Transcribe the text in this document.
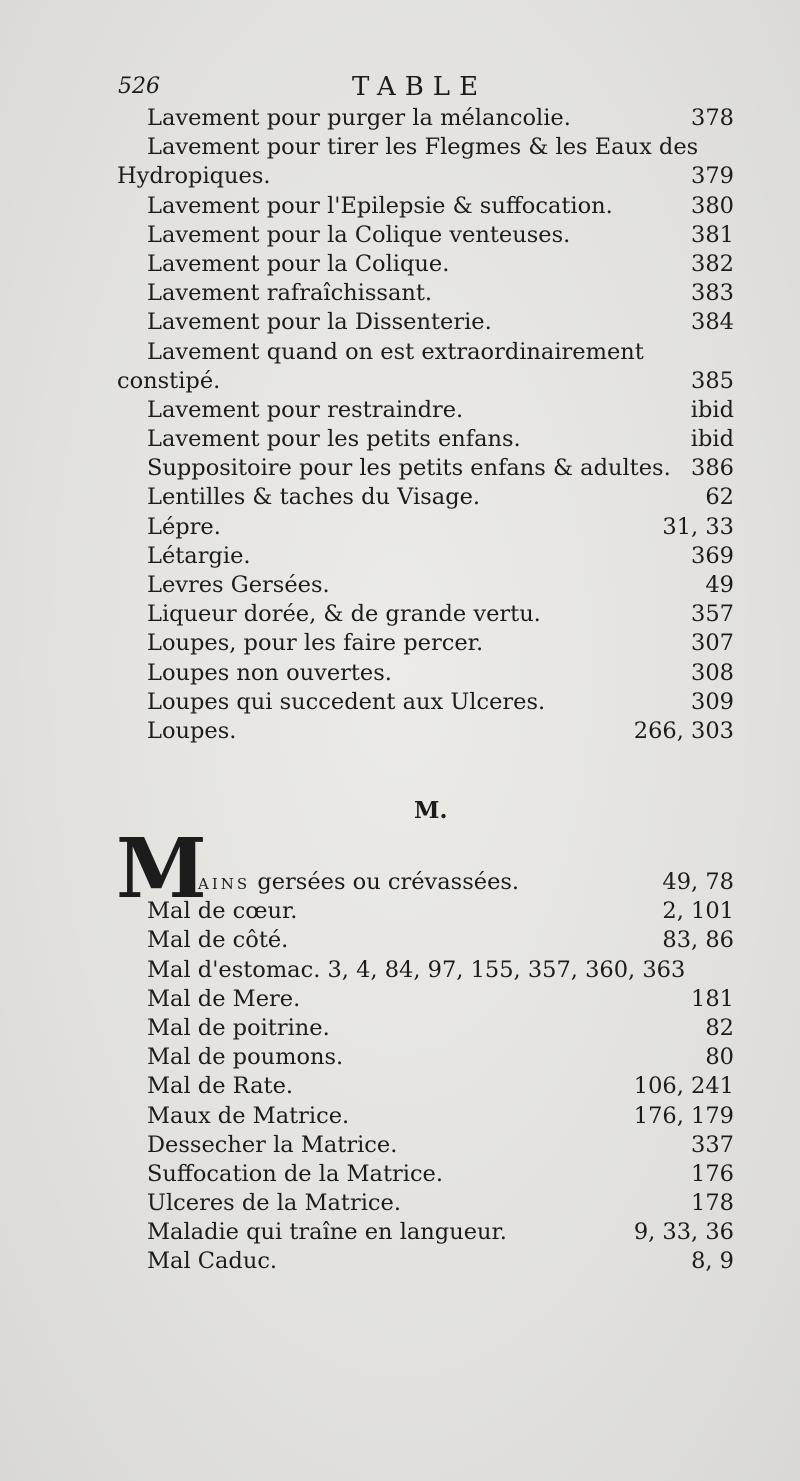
526	TABLE
Lavement pour purger la mélancolie.	378
Lavement pour tirer les Flegmes & les Eaux des
Hydropiques.	379
Lavement pour l'Epilepsie & suffocation.	380
Lavement pour la Colique venteuses.	381
Lavement pour la Colique.	382
Lavement rafraîchissant.	383
Lavement pour la Dissenterie.	384
Lavement quand on est extraordinairement
constipé.	385
Lavement pour restraindre.	ibid
Lavement pour les petits enfans.	ibid
Suppositoire pour les petits enfans & adultes. 386
Lentilles & taches du Visage.	62
Lépre.	31, 33
Létargie.	369
Levres Gersées.	49
Liqueur dorée, & de grande vertu.	357
Loupes, pour les faire percer.	307
Loupes non ouvertes.	308
Loupes qui succedent aux Ulceres.	309
Loupes.	266, 303
M.
M
AINS gersées ou crévassées.	49, 78
Mal de cœur.	2, 101
Mal de côté.	83, 86
Mal d'estomac. 3, 4, 84, 97, 155, 357, 360, 363
Mal de Mere.	181
Mal de poitrine.	82
Mal de poumons.	80
Mal de Rate.	106, 241
Maux de Matrice.	176, 179
Dessecher la Matrice.	337
Suffocation de la Matrice.	176
Ulceres de la Matrice.	178
Maladie qui traîne en langueur.	9, 33, 36
Mal Caduc.	8, 9
